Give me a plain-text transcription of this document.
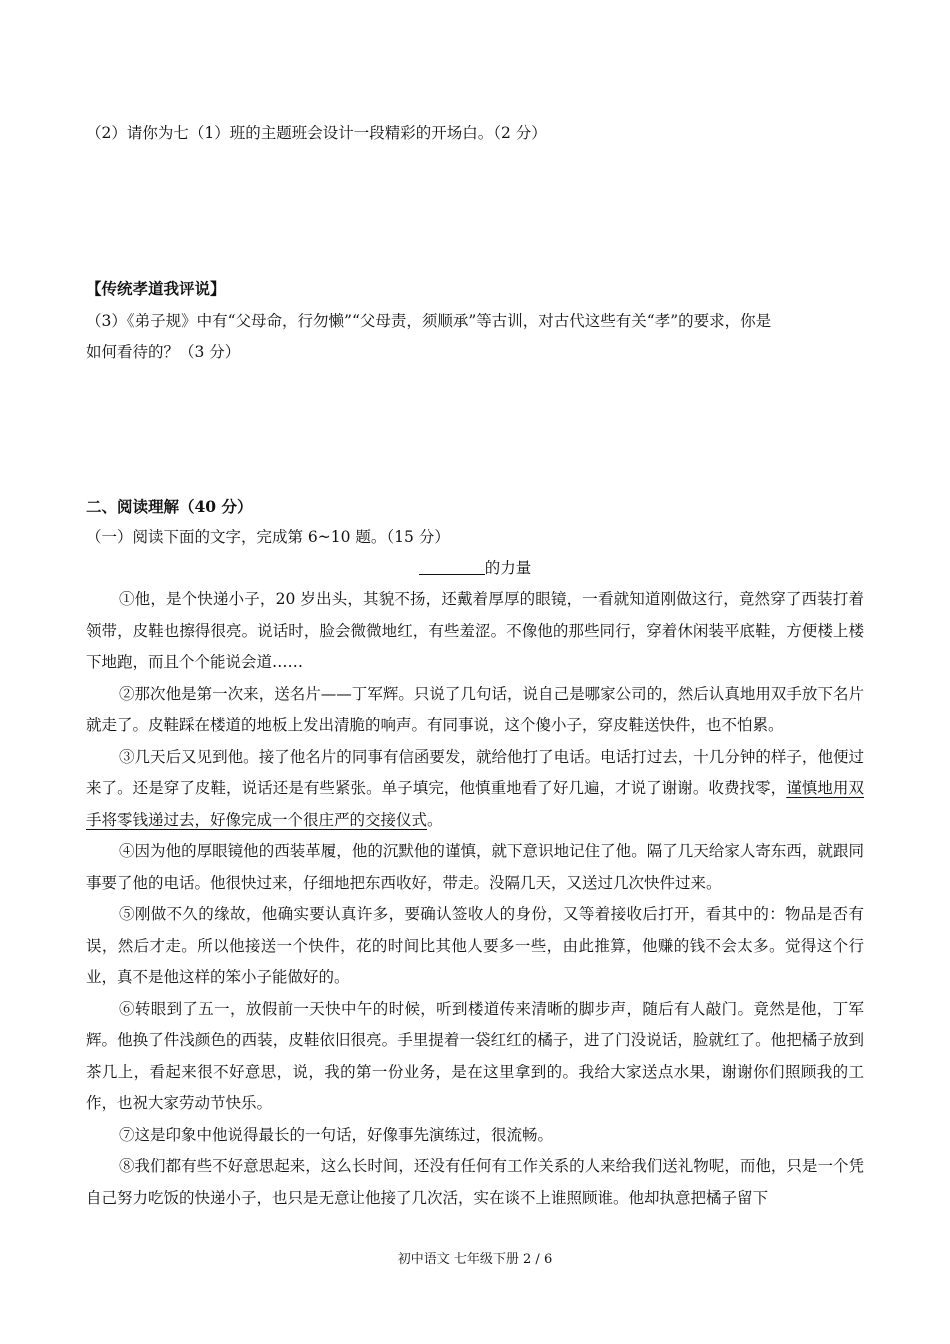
（2）请你为七（1）班的主题班会设计一段精彩的开场白。（2 分）
【传统孝道我评说】
（3）《弟子规》中有“父母命，行勿懒”“父母责，须顺承”等古训，对古代这些有关“孝”的要求，你是
如何看待的？（3 分）
二、阅读理解（40 分）
（一）阅读下面的文字，完成第 6~10 题。（15 分）
的力量

①他，是个快递小子，20 岁出头，其貌不扬，还戴着厚厚的眼镜，一看就知道刚做这行，竟然穿了西装打着领带，皮鞋也擦得很亮。说话时，脸会微微地红，有些羞涩。不像他的那些同行，穿着休闲装平底鞋，方便楼上楼下地跑，而且个个能说会道……

②那次他是第一次来，送名片——丁军辉。只说了几句话，说自己是哪家公司的，然后认真地用双手放下名片就走了。皮鞋踩在楼道的地板上发出清脆的响声。有同事说，这个傻小子，穿皮鞋送快件，也不怕累。

③几天后又见到他。接了他名片的同事有信函要发，就给他打了电话。电话打过去，十几分钟的样子，他便过来了。还是穿了皮鞋，说话还是有些紧张。单子填完，他慎重地看了好几遍，才说了谢谢。收费找零，谨慎地用双手将零钱递过去，好像完成一个很庄严的交接仪式。

④因为他的厚眼镜他的西装革履，他的沉默他的谨慎，就下意识地记住了他。隔了几天给家人寄东西，就跟同事要了他的电话。他很快过来，仔细地把东西收好，带走。没隔几天，又送过几次快件过来。

⑤刚做不久的缘故，他确实要认真许多，要确认签收人的身份，又等着接收后打开，看其中的：物品是否有误，然后才走。所以他接送一个快件，花的时间比其他人要多一些，由此推算，他赚的钱不会太多。觉得这个行业，真不是他这样的笨小子能做好的。

⑥转眼到了五一，放假前一天快中午的时候，听到楼道传来清晰的脚步声，随后有人敲门。竟然是他，丁军辉。他换了件浅颜色的西装，皮鞋依旧很亮。手里提着一袋红红的橘子，进了门没说话，脸就红了。他把橘子放到茶几上，看起来很不好意思，说，我的第一份业务，是在这里拿到的。我给大家送点水果，谢谢你们照顾我的工作，也祝大家劳动节快乐。

⑦这是印象中他说得最长的一句话，好像事先演练过，很流畅。

⑧我们都有些不好意思起来，这么长时间，还没有任何有工作关系的人来给我们送礼物呢，而他，只是一个凭自己努力吃饭的快递小子，也只是无意让他接了几次活，实在谈不上谁照顾谁。他却执意把橘子留下

初中语文 七年级下册 2 / 6
